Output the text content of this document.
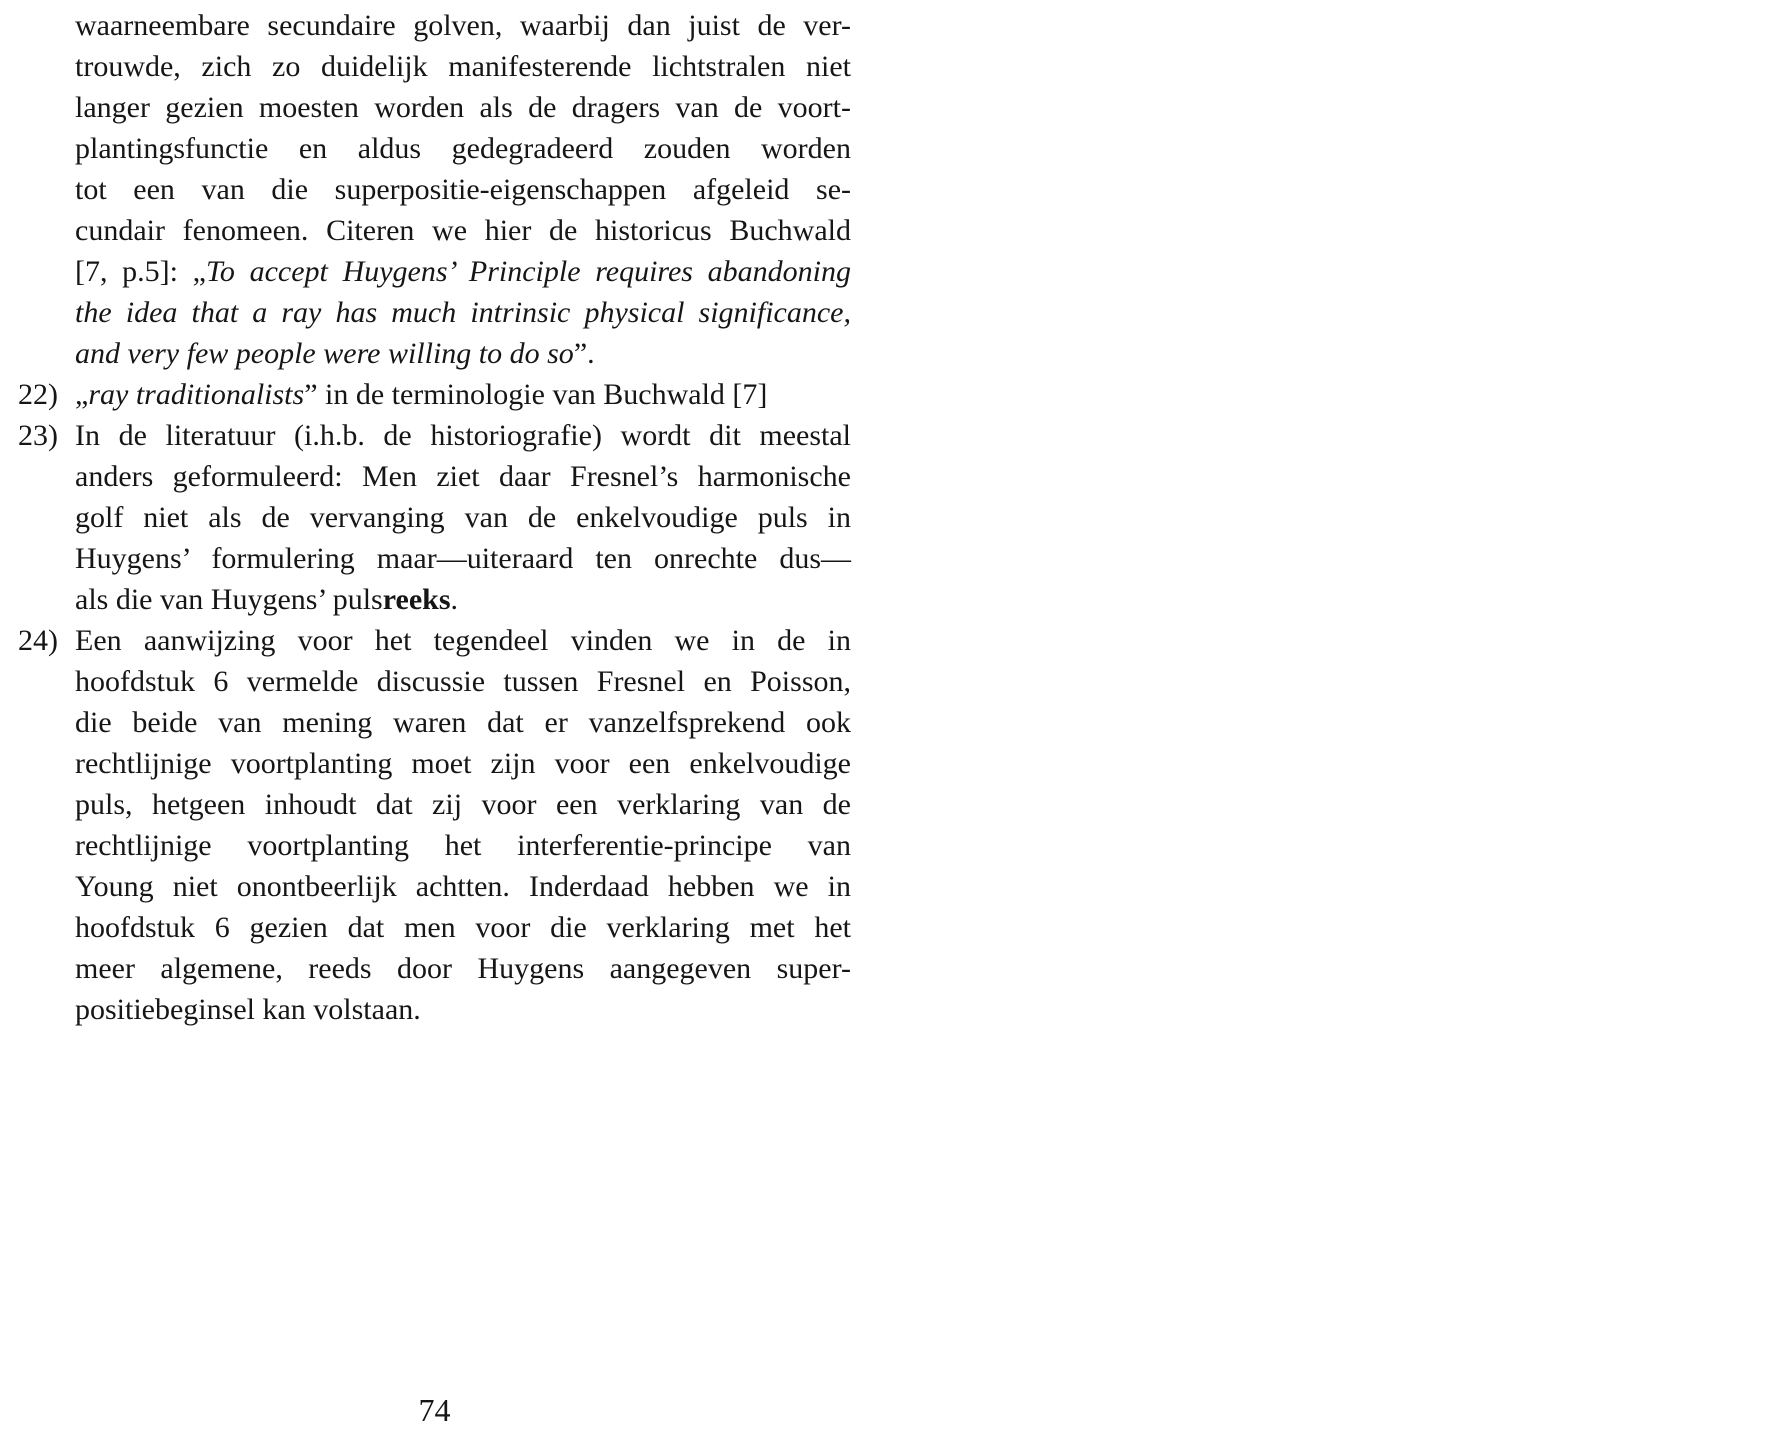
waarneembare secundaire golven, waarbij dan juist de ver-
trouwde, zich zo duidelijk manifesterende lichtstralen niet
langer gezien moesten worden als de dragers van de voort-
plantingsfunctie en aldus gedegradeerd zouden worden
tot een van die superpositie-eigenschappen afgeleid se-
cundair fenomeen. Citeren we hier de historicus Buchwald
[7, p.5]: „To accept Huygens’ Principle requires abandoning
the idea that a ray has much intrinsic physical significance,
and very few people were willing to do so”.
22) „ray traditionalists” in de terminologie van Buchwald [7]
23) In de literatuur (i.h.b. de historiografie) wordt dit meestal
anders geformuleerd: Men ziet daar Fresnel’s harmonische
golf niet als de vervanging van de enkelvoudige puls in
Huygens’ formulering maar—uiteraard ten onrechte dus—
als die van Huygens’ pulsreeks.
24) Een aanwijzing voor het tegendeel vinden we in de in
hoofdstuk 6 vermelde discussie tussen Fresnel en Poisson,
die beide van mening waren dat er vanzelfsprekend ook
rechtlijnige voortplanting moet zijn voor een enkelvoudige
puls, hetgeen inhoudt dat zij voor een verklaring van de
rechtlijnige voortplanting het interferentie-principe van
Young niet onontbeerlijk achtten. Inderdaad hebben we in
hoofdstuk 6 gezien dat men voor die verklaring met het
meer algemene, reeds door Huygens aangegeven super-
positiebeginsel kan volstaan.
74
